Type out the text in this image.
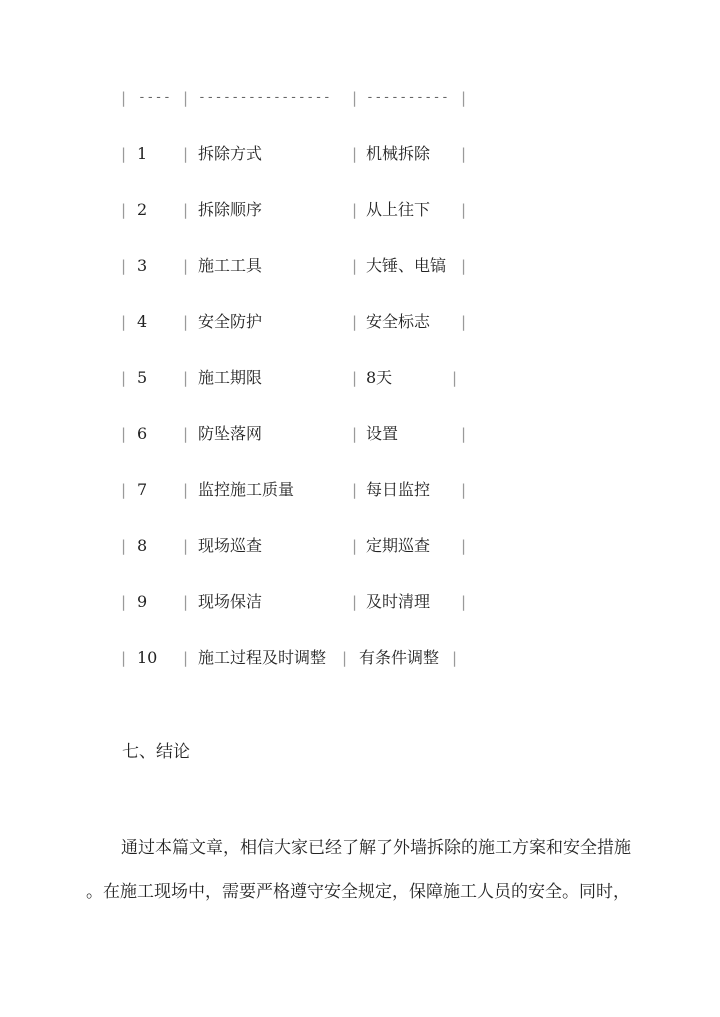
| ---- | ---------------- | ---------- |
| 1 | 拆除方式	| 机械拆除 |
| 2 | 拆除顺序	| 从上往下 |
| 3 | 施工工具	| 大锤、电镐 |
| 4 | 安全防护	| 安全标志 |
| 5 | 施工期限	| 8天	|
| 6 | 防坠落网	| 设置	|
| 7 | 监控施工质量	| 每日监控 |
| 8 | 现场巡查	| 定期巡查 |
| 9 | 现场保洁	| 及时清理 |
| 10 | 施工过程及时调整 | 有条件调整 |
七、结论
通过本篇文章，相信大家已经了解了外墙拆除的施工方案和安全措施
。在施工现场中，需要严格遵守安全规定，保障施工人员的安全。同时，
